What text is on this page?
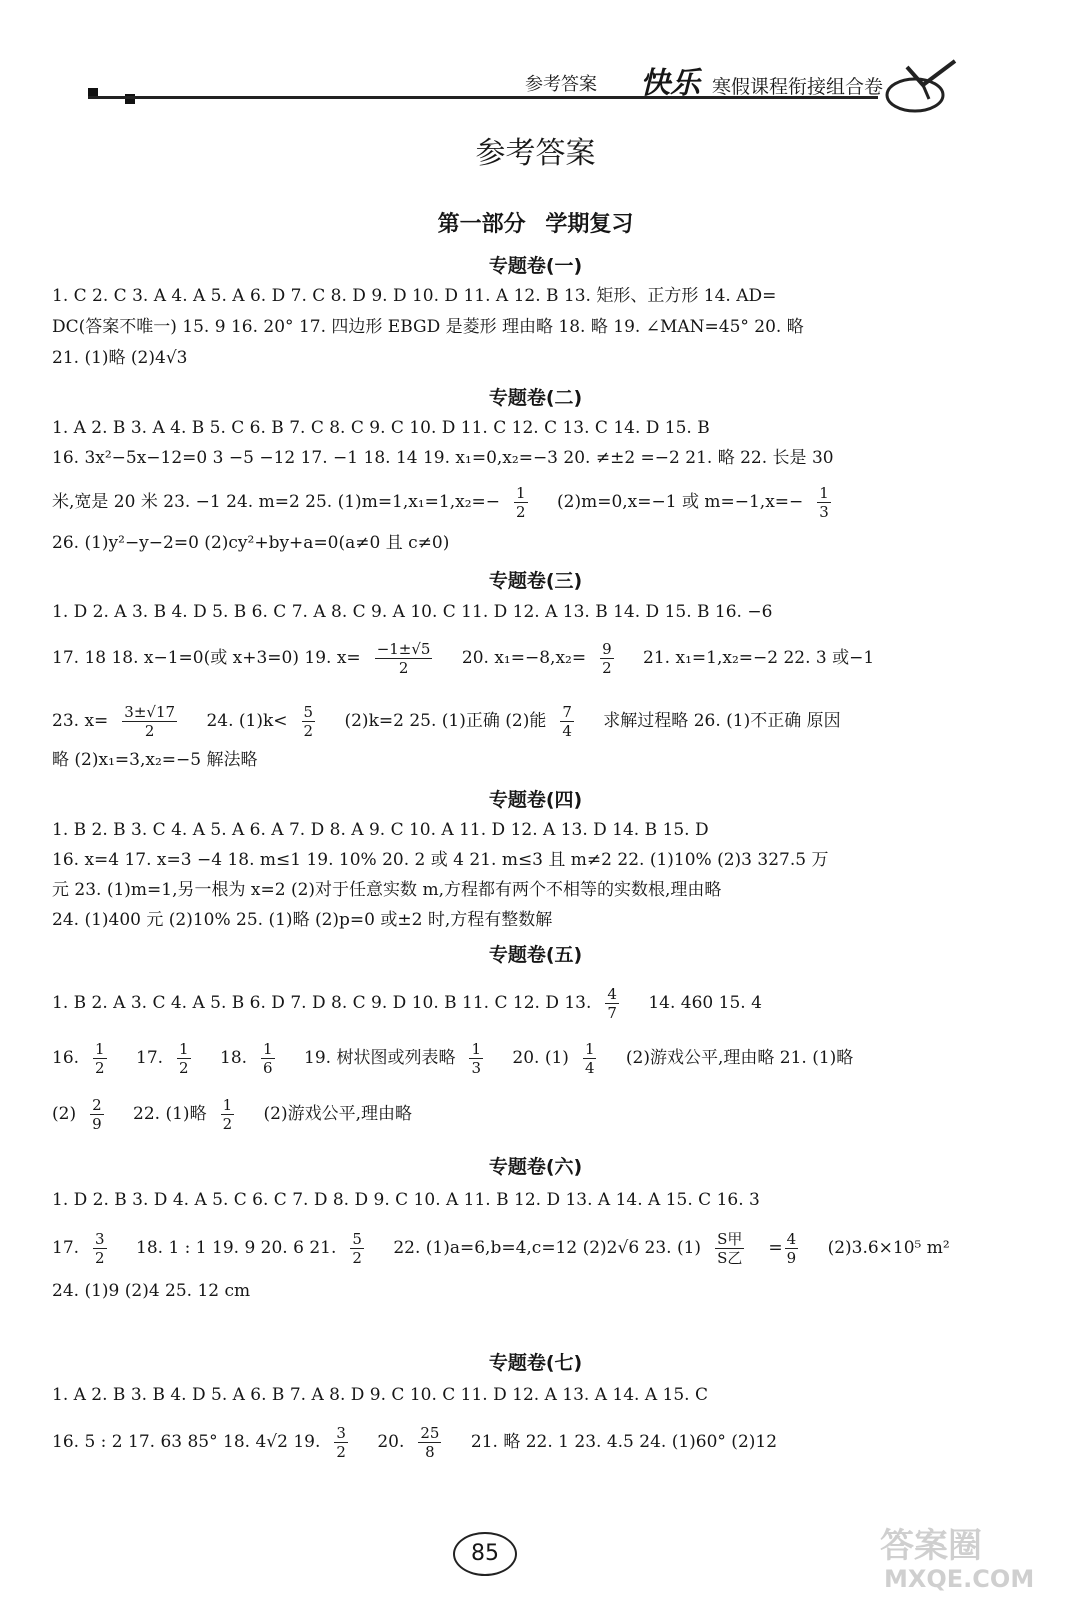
参考答案 快乐 寒假课程衔接组合卷
参考答案
第一部分 学期复习
专题卷(一)
1. C 2. C 3. A 4. A 5. A 6. D 7. C 8. D 9. D 10. D 11. A 12. B 13. 矩形、正方形 14. AD=
DC(答案不唯一) 15. 9 16. 20° 17. 四边形 EBGD 是菱形 理由略 18. 略 19. ∠MAN=45° 20. 略
21. (1)略 (2)4√3
专题卷(二)
1. A 2. B 3. A 4. B 5. C 6. B 7. C 8. C 9. C 10. D 11. C 12. C 13. C 14. D 15. B
16. 3x²−5x−12=0 3 −5 −12 17. −1 18. 14 19. x₁=0,x₂=−3 20. ≠±2 =−2 21. 略 22. 长是 30
米,宽是 20 米 23. −1 24. m=2 25. $(1)m=1,x_1=1,x_2=- \frac{1}{2} (2)m=0,x=-1$ 或 $m=-1,x=- \frac{1}{3}$
26. (1)y²−y−2=0 (2)cy²+by+a=0(a≠0 且 c≠0)
专题卷(三)
1. D 2. A 3. B 4. D 5. B 6. C 7. A 8. C 9. A 10. C 11. D 12. A 13. B 14. D 15. B 16. −6
17. 18 18. x−1=0(或 x+3=0) 19. $x= \frac{-1\pm√5}{2} 20$. $x_1=-8,x_2= \frac{9}{2} 21$. x₁=1,x₂=−2 22. 3 或−1
23. $x= \frac{3\pm√17}{2} 24$. $(1)k< \frac{5}{2} (2)k=2$ 25. (1)正确 (2)能 $\frac{7}{4}$ 求解过程略 26. (1)不正确 原因
略 (2)x₁=3,x₂=−5 解法略
专题卷(四)
1. B 2. B 3. C 4. A 5. A 6. A 7. D 8. A 9. C 10. A 11. D 12. A 13. D 14. B 15. D
16. x=4 17. x=3 −4 18. m≤1 19. 10% 20. 2 或 4 21. m≤3 且 m≠2 22. (1)10% (2)3 327.5 万
元 23. (1)m=1,另一根为 x=2 (2)对于任意实数 m,方程都有两个不相等的实数根,理由略
24. (1)400 元 (2)10% 25. (1)略 (2)p=0 或±2 时,方程有整数解
专题卷(五)
1. B 2. A 3. C 4. A 5. B 6. D 7. D 8. C 9. D 10. B 11. C 12. D 13. $\frac{4}{7} 14$. 460 15. 4
16. $\frac{1}{2} 17$. $\frac{1}{2} 18$. $\frac{1}{6} 19$. 树状图或列表略 $\frac{1}{3} 20$. $(1) \frac{1}{4} (2)$游戏公平,理由略 21. (1)略
$(2) \frac{2}{9} 22$. (1)略 $\frac{1}{2} (2)$游戏公平,理由略
专题卷(六)
1. D 2. B 3. D 4. A 5. C 6. C 7. D 8. D 9. C 10. A 11. B 12. D 13. A 14. A 15. C 16. 3
17. $\frac{3}{2} 18$. 1 : 1 19. 9 20. 6 21. $\frac{5}{2} 22$. (1)a=6,b=4,c=12 (2)2√6 23. $(1) \frac{\text{S甲}}{\text{S乙}} = \frac{4}{9} (2)3.6\times 10^5$ m²
24. (1)9 (2)4 25. 12 cm
专题卷(七)
1. A 2. B 3. B 4. D 5. A 6. B 7. A 8. D 9. C 10. C 11. D 12. A 13. A 14. A 15. C
16. 5 : 2 17. 63 85° 18. 4√2 19. $\frac{3}{2} 20$. $\frac{25}{8} 21$. 略 22. 1 23. 4.5 24. (1)60° (2)12
85	答案圈
MXQE.COM
